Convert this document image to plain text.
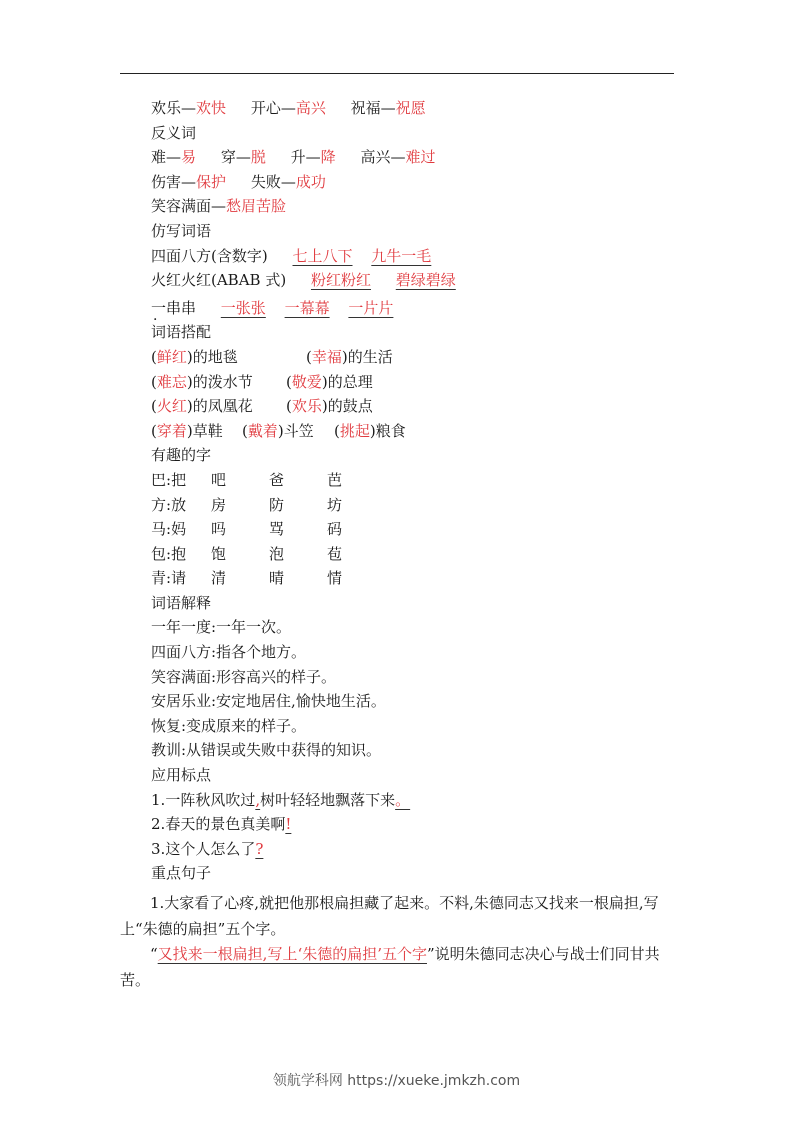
欢乐—欢快 开心—高兴 祝福—祝愿
反义词
难—易 穿—脱 升—降 高兴—难过
伤害—保护 失败—成功
笑容满面—愁眉苦脸
仿写词语
四面八方(含数字) 七上八下 九牛一毛
火红火红(ABAB 式) 粉红粉红 碧绿碧绿
一串串 一张张 一幕幕 一片片
词语搭配
(鲜红)的地毯	(幸福)的生活
(难忘)的泼水节 (敬爱)的总理
(火红)的凤凰花 (欢乐)的鼓点
(穿着)草鞋 (戴着)斗笠 (挑起)粮食
有趣的字
巴:把 吧	爸	芭
方:放 房	防	坊
马:妈 吗	骂	码
包:抱 饱	泡	苞
青:请 清	晴	情
词语解释
一年一度:一年一次。
四面八方:指各个地方。
笑容满面:形容高兴的样子。
安居乐业:安定地居住,愉快地生活。
恢复:变成原来的样子。
教训:从错误或失败中获得的知识。
应用标点
1.一阵秋风吹过,树叶轻轻地飘落下来。
2.春天的景色真美啊!
3.这个人怎么了?
重点句子
1.大家看了心疼,就把他那根扁担藏了起来。不料,朱德同志又找来一根扁担,写上“朱德的扁担”五个字。
“又找来一根扁担,写上‘朱德的扁担’五个字”说明朱德同志决心与战士们同甘共苦。
领航学科网 https://xueke.jmkzh.com
